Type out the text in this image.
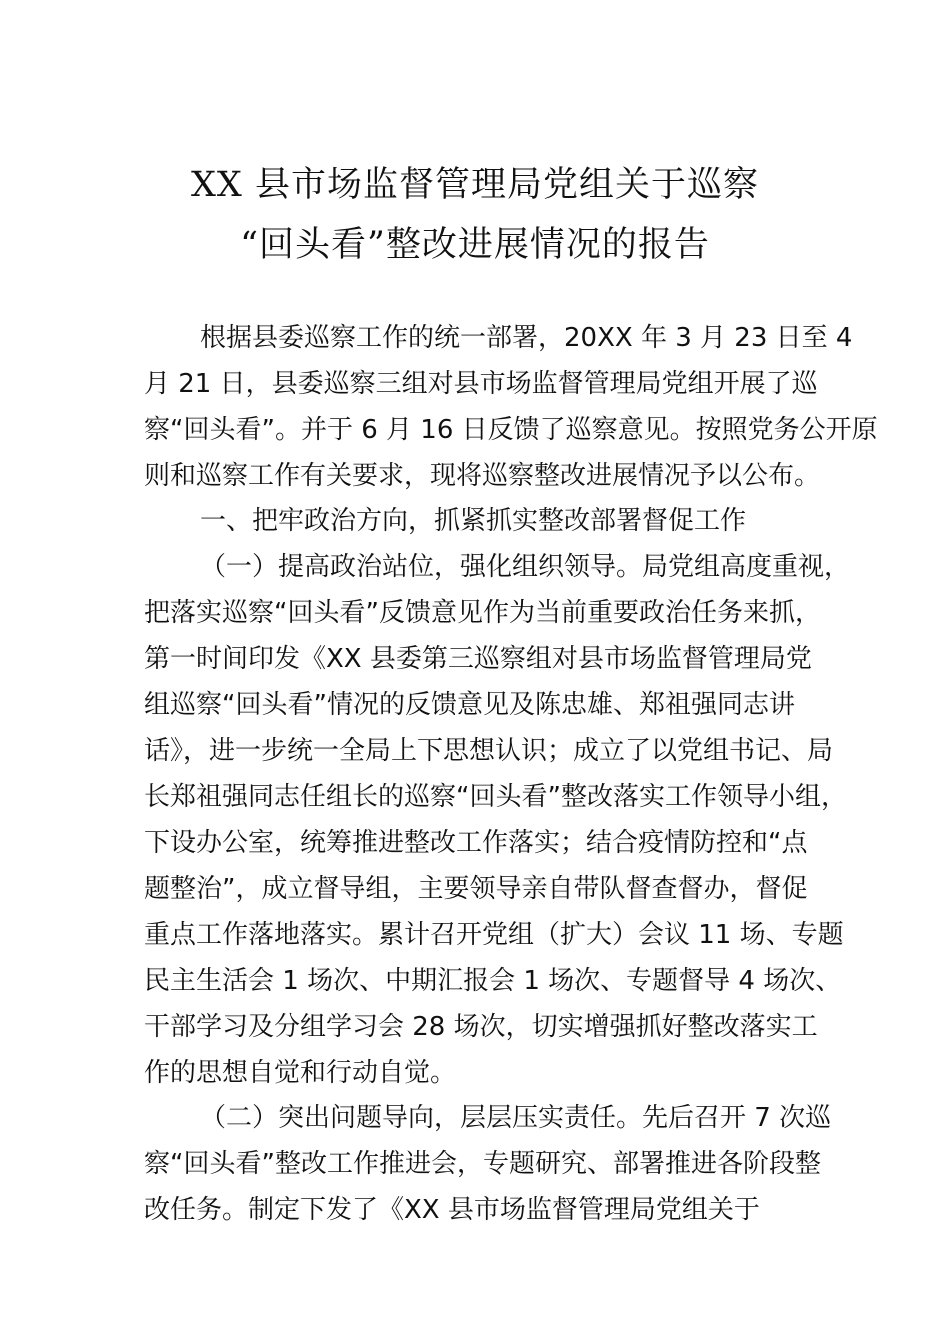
XX 县市场监督管理局党组关于巡察
“回头看”整改进展情况的报告
根据县委巡察工作的统一部署，20XX 年 3 月 23 日至 4
月 21 日，县委巡察三组对县市场监督管理局党组开展了巡
察“回头看”。并于 6 月 16 日反馈了巡察意见。按照党务公开原
则和巡察工作有关要求，现将巡察整改进展情况予以公布。
一、把牢政治方向，抓紧抓实整改部署督促工作
（一）提高政治站位，强化组织领导。局党组高度重视，
把落实巡察“回头看”反馈意见作为当前重要政治任务来抓，
第一时间印发《XX 县委第三巡察组对县市场监督管理局党
组巡察“回头看”情况的反馈意见及陈忠雄、郑祖强同志讲
话》，进一步统一全局上下思想认识；成立了以党组书记、局
长郑祖强同志任组长的巡察“回头看”整改落实工作领导小组，
下设办公室，统筹推进整改工作落实；结合疫情防控和“点
题整治”，成立督导组，主要领导亲自带队督查督办，督促
重点工作落地落实。累计召开党组（扩大）会议 11 场、专题
民主生活会 1 场次、中期汇报会 1 场次、专题督导 4 场次、
干部学习及分组学习会 28 场次，切实增强抓好整改落实工
作的思想自觉和行动自觉。
（二）突出问题导向，层层压实责任。先后召开 7 次巡
察“回头看”整改工作推进会，专题研究、部署推进各阶段整
改任务。制定下发了《XX 县市场监督管理局党组关于
